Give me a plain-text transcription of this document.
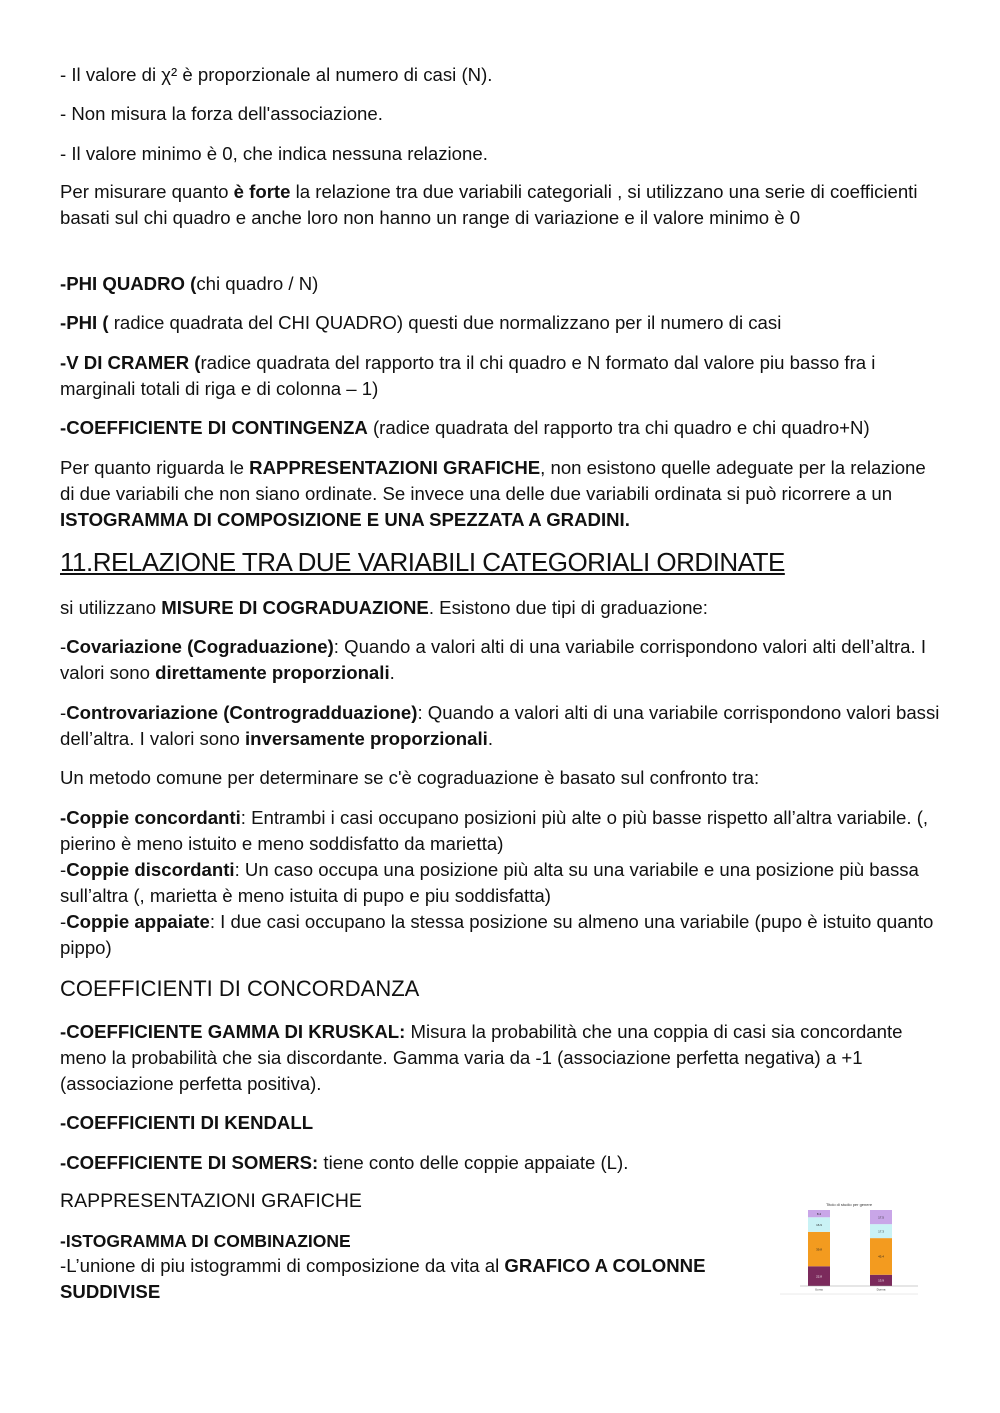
- Il valore di χ² è proporzionale al numero di casi (N).

- Non misura la forza dell'associazione.

- Il valore minimo è 0, che indica nessuna relazione.

Per misurare quanto è forte la relazione tra due variabili categoriali , si utilizzano una serie di coefficienti basati sul chi quadro e anche loro non hanno un range di variazione e il valore minimo è 0

-PHI QUADRO (chi quadro / N)

-PHI ( radice quadrata del CHI QUADRO) questi due normalizzano per il numero di casi

-V DI CRAMER (radice quadrata del rapporto tra il chi quadro e N formato dal valore piu basso fra i marginali totali di riga e di colonna – 1)

-COEFFICIENTE DI CONTINGENZA (radice quadrata del rapporto tra chi quadro e chi quadro+N)

Per quanto riguarda le RAPPRESENTAZIONI GRAFICHE, non esistono quelle adeguate per la relazione di due variabili che non siano ordinate. Se invece una delle due variabili ordinata si può ricorrere a un ISTOGRAMMA DI COMPOSIZIONE E UNA SPEZZATA A GRADINI.

11.RELAZIONE TRA DUE VARIABILI CATEGORIALI ORDINATE

si utilizzano MISURE DI COGRADUAZIONE. Esistono due tipi di graduazione:

-Covariazione (Cograduazione): Quando a valori alti di una variabile corrispondono valori alti dell’altra. I valori sono direttamente proporzionali.

-Controvariazione (Controgradduazione): Quando a valori alti di una variabile corrispondono valori bassi dell’altra. I valori sono inversamente proporzionali.

Un metodo comune per determinare se c'è cograduazione è basato sul confronto tra:

-Coppie concordanti: Entrambi i casi occupano posizioni più alte o più basse rispetto all’altra variabile. (, pierino è meno istuito e meno soddisfatto da marietta)
-Coppie discordanti: Un caso occupa una posizione più alta su una variabile e una posizione più bassa sull’altra (, marietta è meno istuita di pupo e piu soddisfatta)
-Coppie appaiate: I due casi occupano la stessa posizione su almeno una variabile (pupo è istuito quanto pippo)

COEFFICIENTI DI CONCORDANZA

-COEFFICIENTE GAMMA DI KRUSKAL: Misura la probabilità che una coppia di casi sia concordante meno la probabilità che sia discordante. Gamma varia da -1 (associazione perfetta negativa) a +1 (associazione perfetta positiva).

-COEFFICIENTI DI KENDALL

-COEFFICIENTE DI SOMERS: tiene conto delle coppie appaiate (L).

RAPPRESENTAZIONI GRAFICHE

-ISTOGRAMMA DI COMBINAZIONE

-L’unione di piu istogrammi di composizione da vita al GRAFICO A COLONNE SUDDIVISE

Titolo di studio per genere
22.8
39.8
16.9
8.4
Uomo
13.9
45.4
17.3
17.5
Donna
